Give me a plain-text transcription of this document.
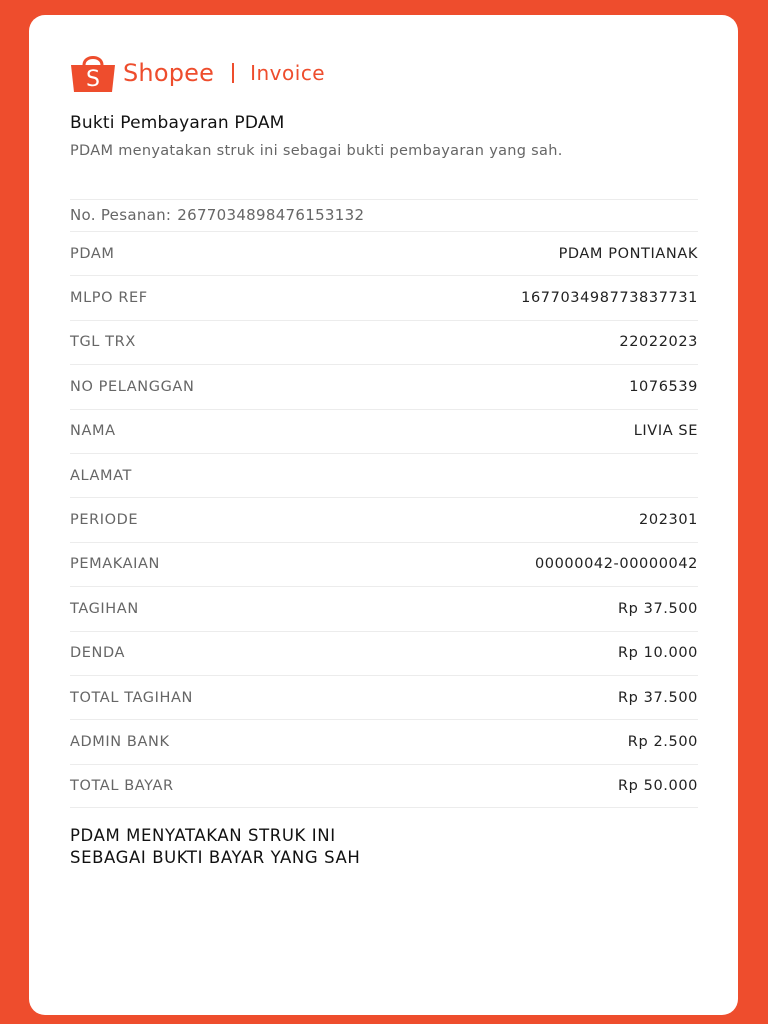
S Shopee Invoice
Bukti Pembayaran PDAM
PDAM menyatakan struk ini sebagai bukti pembayaran yang sah.
No. Pesanan: 2677034898476153132
PDAM	PDAM PONTIANAK
MLPO REF	167703498773837731
TGL TRX	22022023
NO PELANGGAN	1076539
NAMA	LIVIA SE
ALAMAT
PERIODE	202301
PEMAKAIAN	00000042-00000042
TAGIHAN	Rp 37.500
DENDA	Rp 10.000
TOTAL TAGIHAN	Rp 37.500
ADMIN BANK	Rp 2.500
TOTAL BAYAR	Rp 50.000
PDAM MENYATAKAN STRUK INI
SEBAGAI BUKTI BAYAR YANG SAH
